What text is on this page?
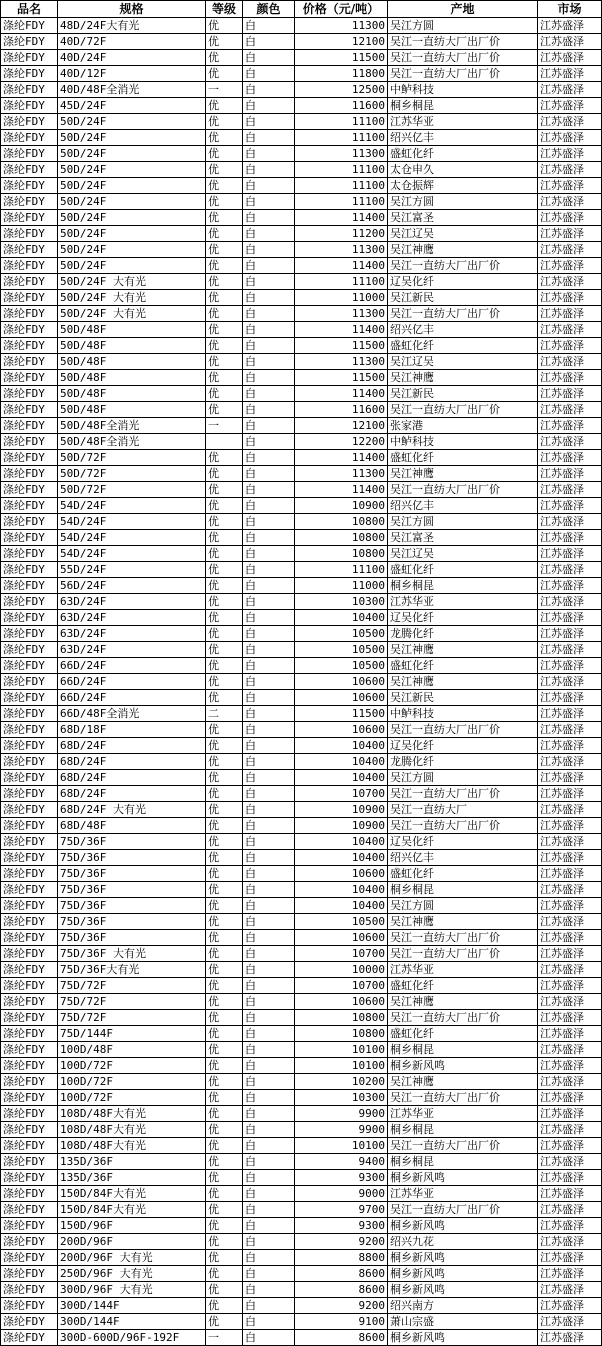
品名	规格	等级	颜色	价格（元/吨）	产地	市场
涤纶FDY	48D/24F大有光	优	白	11300	吴江方圆	江苏盛泽
涤纶FDY	40D/72F	优	白	12100	吴江一直纺大厂出厂价	江苏盛泽
涤纶FDY	40D/24F	优	白	11500	吴江一直纺大厂出厂价	江苏盛泽
涤纶FDY	40D/12F	优	白	11800	吴江一直纺大厂出厂价	江苏盛泽
涤纶FDY	40D/48F全消光	一	白	12500	中鲈科技	江苏盛泽
涤纶FDY	45D/24F	优	白	11600	桐乡桐昆	江苏盛泽
涤纶FDY	50D/24F	优	白	11100	江苏华亚	江苏盛泽
涤纶FDY	50D/24F	优	白	11100	绍兴亿丰	江苏盛泽
涤纶FDY	50D/24F	优	白	11300	盛虹化纤	江苏盛泽
涤纶FDY	50D/24F	优	白	11100	太仓申久	江苏盛泽
涤纶FDY	50D/24F	优	白	11100	太仓振辉	江苏盛泽
涤纶FDY	50D/24F	优	白	11100	吴江方圆	江苏盛泽
涤纶FDY	50D/24F	优	白	11400	吴江富圣	江苏盛泽
涤纶FDY	50D/24F	优	白	11200	吴江辽吴	江苏盛泽
涤纶FDY	50D/24F	优	白	11300	吴江神鹰	江苏盛泽
涤纶FDY	50D/24F	优	白	11400	吴江一直纺大厂出厂价	江苏盛泽
涤纶FDY	50D/24F 大有光	优	白	11100	辽吴化纤	江苏盛泽
涤纶FDY	50D/24F 大有光	优	白	11000	吴江新民	江苏盛泽
涤纶FDY	50D/24F 大有光	优	白	11300	吴江一直纺大厂出厂价	江苏盛泽
涤纶FDY	50D/48F	优	白	11400	绍兴亿丰	江苏盛泽
涤纶FDY	50D/48F	优	白	11500	盛虹化纤	江苏盛泽
涤纶FDY	50D/48F	优	白	11300	吴江辽吴	江苏盛泽
涤纶FDY	50D/48F	优	白	11500	吴江神鹰	江苏盛泽
涤纶FDY	50D/48F	优	白	11400	吴江新民	江苏盛泽
涤纶FDY	50D/48F	优	白	11600	吴江一直纺大厂出厂价	江苏盛泽
涤纶FDY	50D/48F全消光	一	白	12100	张家港	江苏盛泽
涤纶FDY	50D/48F全消光		白	12200	中鲈科技	江苏盛泽
涤纶FDY	50D/72F	优	白	11400	盛虹化纤	江苏盛泽
涤纶FDY	50D/72F	优	白	11300	吴江神鹰	江苏盛泽
涤纶FDY	50D/72F	优	白	11400	吴江一直纺大厂出厂价	江苏盛泽
涤纶FDY	54D/24F	优	白	10900	绍兴亿丰	江苏盛泽
涤纶FDY	54D/24F	优	白	10800	吴江方圆	江苏盛泽
涤纶FDY	54D/24F	优	白	10800	吴江富圣	江苏盛泽
涤纶FDY	54D/24F	优	白	10800	吴江辽吴	江苏盛泽
涤纶FDY	55D/24F	优	白	11100	盛虹化纤	江苏盛泽
涤纶FDY	56D/24F	优	白	11000	桐乡桐昆	江苏盛泽
涤纶FDY	63D/24F	优	白	10300	江苏华亚	江苏盛泽
涤纶FDY	63D/24F	优	白	10400	辽吴化纤	江苏盛泽
涤纶FDY	63D/24F	优	白	10500	龙腾化纤	江苏盛泽
涤纶FDY	63D/24F	优	白	10500	吴江神鹰	江苏盛泽
涤纶FDY	66D/24F	优	白	10500	盛虹化纤	江苏盛泽
涤纶FDY	66D/24F	优	白	10600	吴江神鹰	江苏盛泽
涤纶FDY	66D/24F	优	白	10600	吴江新民	江苏盛泽
涤纶FDY	66D/48F全消光	二	白	11500	中鲈科技	江苏盛泽
涤纶FDY	68D/18F	优	白	10600	吴江一直纺大厂出厂价	江苏盛泽
涤纶FDY	68D/24F	优	白	10400	辽吴化纤	江苏盛泽
涤纶FDY	68D/24F	优	白	10400	龙腾化纤	江苏盛泽
涤纶FDY	68D/24F	优	白	10400	吴江方圆	江苏盛泽
涤纶FDY	68D/24F	优	白	10700	吴江一直纺大厂出厂价	江苏盛泽
涤纶FDY	68D/24F 大有光	优	白	10900	吴江一直纺大厂	江苏盛泽
涤纶FDY	68D/48F	优	白	10900	吴江一直纺大厂出厂价	江苏盛泽
涤纶FDY	75D/36F	优	白	10400	辽吴化纤	江苏盛泽
涤纶FDY	75D/36F	优	白	10400	绍兴亿丰	江苏盛泽
涤纶FDY	75D/36F	优	白	10600	盛虹化纤	江苏盛泽
涤纶FDY	75D/36F	优	白	10400	桐乡桐昆	江苏盛泽
涤纶FDY	75D/36F	优	白	10400	吴江方圆	江苏盛泽
涤纶FDY	75D/36F	优	白	10500	吴江神鹰	江苏盛泽
涤纶FDY	75D/36F	优	白	10600	吴江一直纺大厂出厂价	江苏盛泽
涤纶FDY	75D/36F 大有光	优	白	10700	吴江一直纺大厂出厂价	江苏盛泽
涤纶FDY	75D/36F大有光	优	白	10000	江苏华亚	江苏盛泽
涤纶FDY	75D/72F	优	白	10700	盛虹化纤	江苏盛泽
涤纶FDY	75D/72F	优	白	10600	吴江神鹰	江苏盛泽
涤纶FDY	75D/72F	优	白	10800	吴江一直纺大厂出厂价	江苏盛泽
涤纶FDY	75D/144F	优	白	10800	盛虹化纤	江苏盛泽
涤纶FDY	100D/48F	优	白	10100	桐乡桐昆	江苏盛泽
涤纶FDY	100D/72F	优	白	10100	桐乡新风鸣	江苏盛泽
涤纶FDY	100D/72F	优	白	10200	吴江神鹰	江苏盛泽
涤纶FDY	100D/72F	优	白	10300	吴江一直纺大厂出厂价	江苏盛泽
涤纶FDY	108D/48F大有光	优	白	9900	江苏华亚	江苏盛泽
涤纶FDY	108D/48F大有光	优	白	9900	桐乡桐昆	江苏盛泽
涤纶FDY	108D/48F大有光	优	白	10100	吴江一直纺大厂出厂价	江苏盛泽
涤纶FDY	135D/36F	优	白	9400	桐乡桐昆	江苏盛泽
涤纶FDY	135D/36F	优	白	9300	桐乡新风鸣	江苏盛泽
涤纶FDY	150D/84F大有光	优	白	9000	江苏华亚	江苏盛泽
涤纶FDY	150D/84F大有光	优	白	9700	吴江一直纺大厂出厂价	江苏盛泽
涤纶FDY	150D/96F	优	白	9300	桐乡新风鸣	江苏盛泽
涤纶FDY	200D/96F	优	白	9200	绍兴九花	江苏盛泽
涤纶FDY	200D/96F 大有光	优	白	8800	桐乡新风鸣	江苏盛泽
涤纶FDY	250D/96F 大有光	优	白	8600	桐乡新风鸣	江苏盛泽
涤纶FDY	300D/96F 大有光	优	白	8600	桐乡新风鸣	江苏盛泽
涤纶FDY	300D/144F	优	白	9200	绍兴南方	江苏盛泽
涤纶FDY	300D/144F	优	白	9100	萧山宗盛	江苏盛泽
涤纶FDY	300D-600D/96F-192F	一	白	8600	桐乡新风鸣	江苏盛泽
